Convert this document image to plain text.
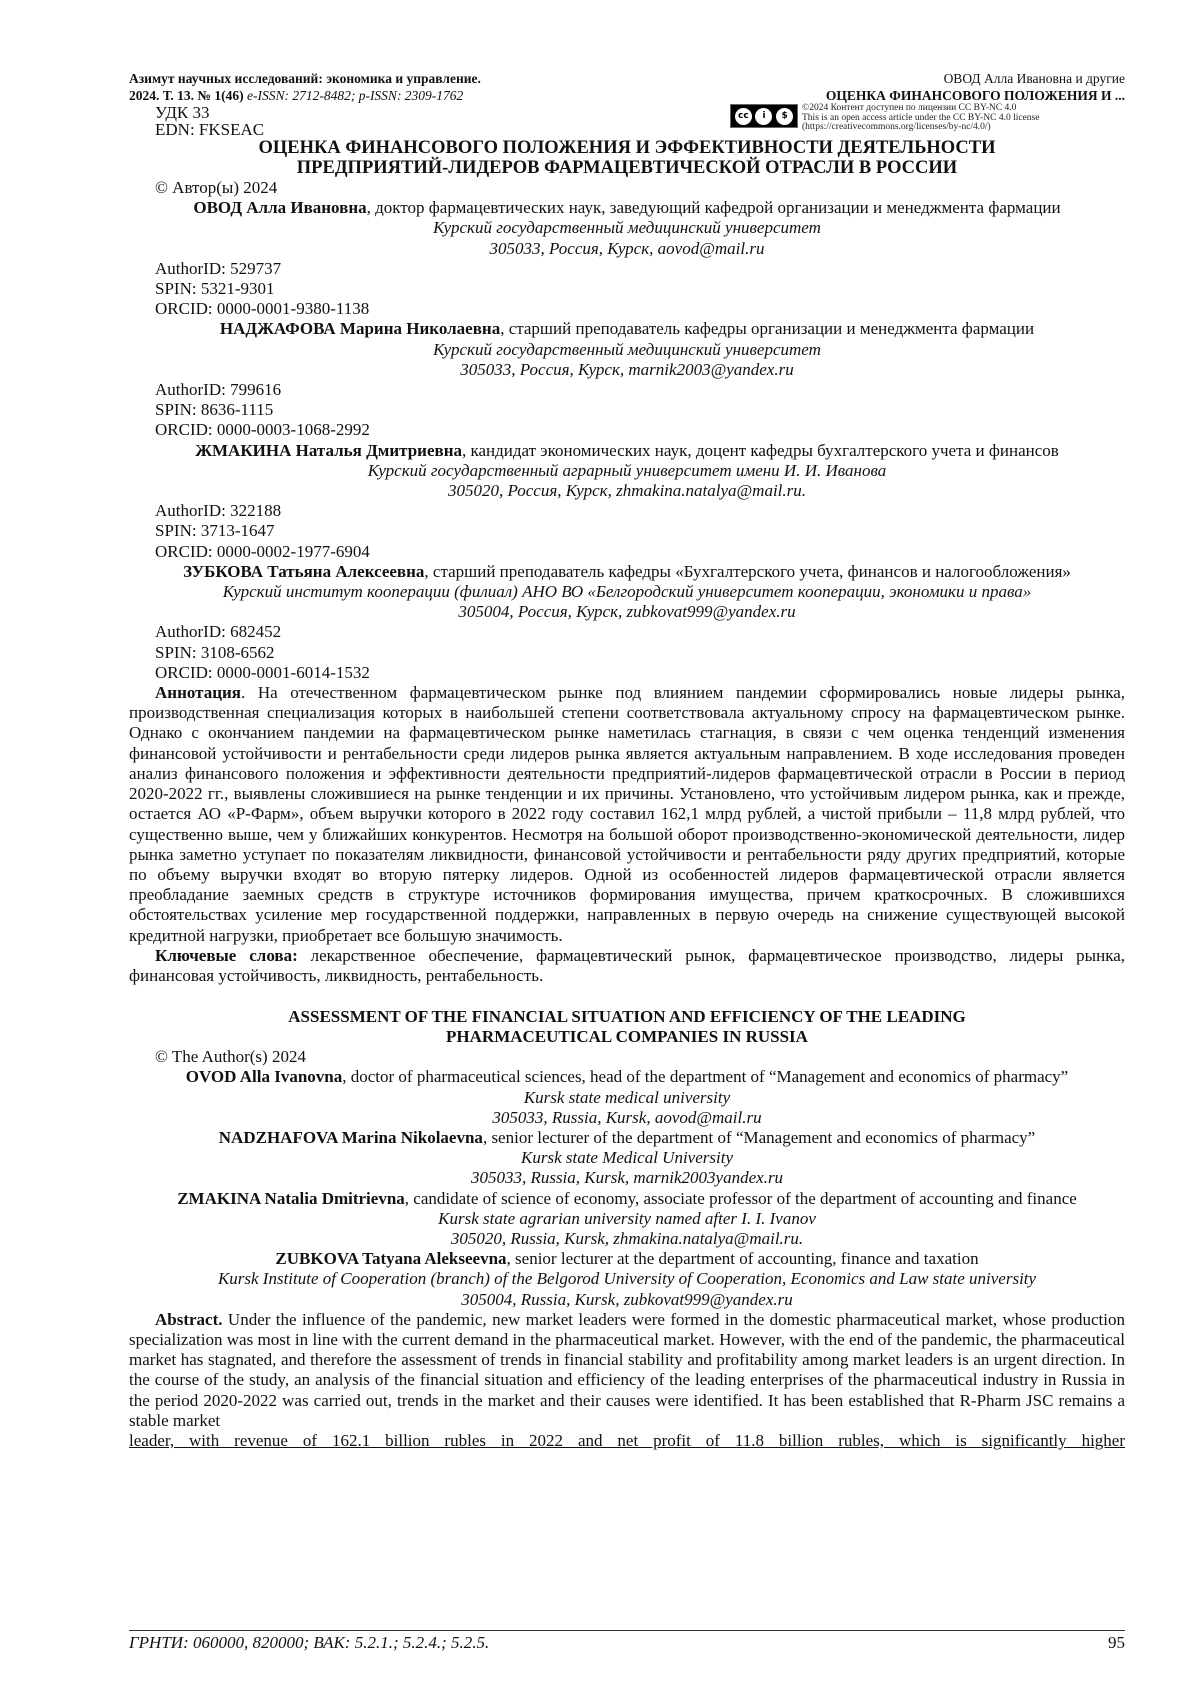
Азимут научных исследований: экономика и управление.
2024. Т. 13. № 1(46) e-ISSN: 2712-8482; p-ISSN: 2309-1762
ОВОД Алла Ивановна и другие
ОЦЕНКА ФИНАНСОВОГО ПОЛОЖЕНИЯ И ...
УДК 33
EDN: FKSEAC
cc	i	$
©2024 Контент доступен по лицензии CC BY-NC 4.0
This is an open access article under the CC BY-NC 4.0 license
(https://creativecommons.org/licenses/by-nc/4.0/)
ОЦЕНКА ФИНАНСОВОГО ПОЛОЖЕНИЯ И ЭФФЕКТИВНОСТИ ДЕЯТЕЛЬНОСТИ
ПРЕДПРИЯТИЙ-ЛИДЕРОВ ФАРМАЦЕВТИЧЕСКОЙ ОТРАСЛИ В РОССИИ

© Автор(ы) 2024

ОВОД Алла Ивановна, доктор фармацевтических наук, заведующий кафедрой организации и менеджмента фармации

Курский государственный медицинский университет

305033, Россия, Курск, aovod@mail.ru

AuthorID: 529737

SPIN: 5321-9301

ORCID: 0000-0001-9380-1138

НАДЖАФОВА Марина Николаевна, старший преподаватель кафедры организации и менеджмента фармации

Курский государственный медицинский университет

305033, Россия, Курск, marnik2003@yandex.ru

AuthorID: 799616

SPIN: 8636-1115

ORCID: 0000-0003-1068-2992

ЖМАКИНА Наталья Дмитриевна, кандидат экономических наук, доцент кафедры бухгалтерского учета и финансов

Курский государственный аграрный университет имени И. И. Иванова

305020, Россия, Курск, zhmakina.natalya@mail.ru.

AuthorID: 322188

SPIN: 3713-1647

ORCID: 0000-0002-1977-6904

ЗУБКОВА Татьяна Алексеевна, старший преподаватель кафедры «Бухгалтерского учета, финансов и налогообложения»

Курский институт кооперации (филиал) АНО ВО «Белгородский университет кооперации, экономики и права»

305004, Россия, Курск, zubkovat999@yandex.ru

AuthorID: 682452

SPIN: 3108-6562

ORCID: 0000-0001-6014-1532

Аннотация. На отечественном фармацевтическом рынке под влиянием пандемии сформировались новые лидеры рынка, производственная специализация которых в наибольшей степени соответствовала актуальному спросу на фармацевтическом рынке. Однако с окончанием пандемии на фармацевтическом рынке наметилась стагнация, в связи с чем оценка тенденций изменения финансовой устойчивости и рентабельности среди лидеров рынка является актуальным направлением. В ходе исследования проведен анализ финансового положения и эффективности деятельности предприятий-лидеров фармацевтической отрасли в России в период 2020-2022 гг., выявлены сложившиеся на рынке тенденции и их причины. Установлено, что устойчивым лидером рынка, как и прежде, остается АО «Р-Фарм», объем выручки которого в 2022 году составил 162,1 млрд рублей, а чистой прибыли – 11,8 млрд рублей, что существенно выше, чем у ближайших конкурентов. Несмотря на большой оборот производственно-экономической деятельности, лидер рынка заметно уступает по показателям ликвидности, финансовой устойчивости и рентабельности ряду других предприятий, которые по объему выручки входят во вторую пятерку лидеров. Одной из особенностей лидеров фармацевтической отрасли является преобладание заемных средств в структуре источников формирования имущества, причем краткосрочных. В сложившихся обстоятельствах усиление мер государственной поддержки, направленных в первую очередь на снижение существующей высокой кредитной нагрузки, приобретает все большую значимость.

Ключевые слова: лекарственное обеспечение, фармацевтический рынок, фармацевтическое производство, лидеры рынка, финансовая устойчивость, ликвидность, рентабельность.

ASSESSMENT OF THE FINANCIAL SITUATION AND EFFICIENCY OF THE LEADING
PHARMACEUTICAL COMPANIES IN RUSSIA

© The Author(s) 2024

OVOD Alla Ivanovna, doctor of pharmaceutical sciences, head of the department of “Management and economics of pharmacy”

Kursk state medical university

305033, Russia, Kursk, aovod@mail.ru

NADZHAFOVA Marina Nikolaevna, senior lecturer of the department of “Management and economics of pharmacy”

Kursk state Medical University

305033, Russia, Kursk, marnik2003yandex.ru

ZMAKINA Natalia Dmitrievna, candidate of science of economy, associate professor of the department of accounting and finance

Kursk state agrarian university named after I. I. Ivanov

305020, Russia, Kursk, zhmakina.natalya@mail.ru.

ZUBKOVA Tatyana Alekseevna, senior lecturer at the department of accounting, finance and taxation

Kursk Institute of Cooperation (branch) of the Belgorod University of Cooperation, Economics and Law state university

305004, Russia, Kursk, zubkovat999@yandex.ru

Abstract. Under the influence of the pandemic, new market leaders were formed in the domestic pharmaceutical market, whose production specialization was most in line with the current demand in the pharmaceutical market. However, with the end of the pandemic, the pharmaceutical market has stagnated, and therefore the assessment of trends in financial stability and profitability among market leaders is an urgent direction. In the course of the study, an analysis of the financial situation and efficiency of the leading enterprises of the pharmaceutical industry in Russia in the period 2020-2022 was carried out, trends in the market and their causes were identified. It has been established that R-Pharm JSC remains a stable market

leader, with revenue of 162.1 billion rubles in 2022 and net profit of 11.8 billion rubles, which is significantly higher

ГРНТИ: 060000, 820000; ВАК: 5.2.1.; 5.2.4.; 5.2.5.	95
